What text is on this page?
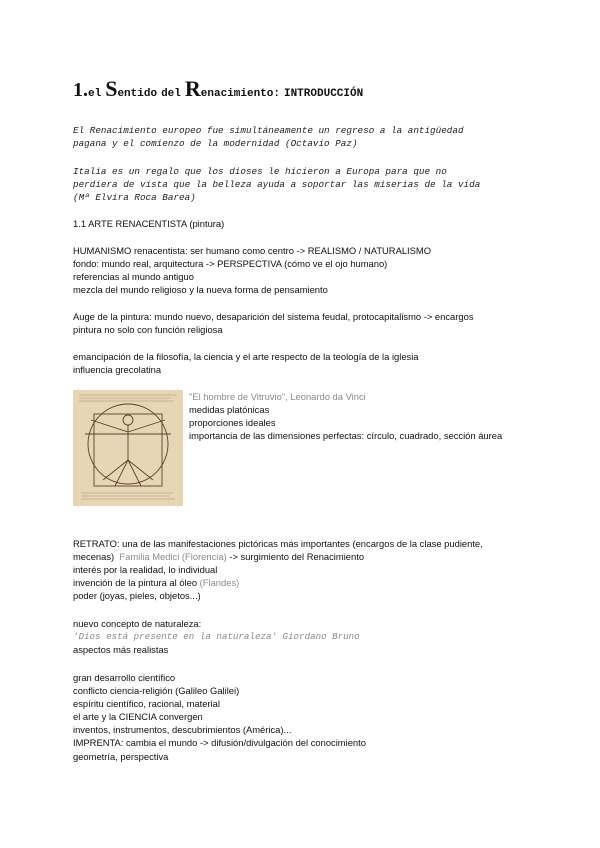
1.el Sentido del Renacimiento: INTRODUCCIÓN
El Renacimiento europeo fue simultáneamente un regreso a la antigüedad
pagana y el comienzo de la modernidad (Octavio Paz)
Italia es un regalo que los dioses le hicieron a Europa para que no
perdiera de vista que la belleza ayuda a soportar las miserias de la vida
(Mª Elvira Roca Barea)
1.1 ARTE RENACENTISTA (pintura)
HUMANISMO renacentista: ser humano como centro -> REALISMO / NATURALISMO
fondo: mundo real, arquitectura -> PERSPECTIVA (cómo ve el ojo humano)
referencias al mundo antiguo
mezcla del mundo religioso y la nueva forma de pensamiento
Auge de la pintura: mundo nuevo, desaparición del sistema feudal, protocapitalismo -> encargos
pintura no solo con función religiosa
emancipación de la filosofía, la ciencia y el arte respecto de la teología de la iglesia
influencia grecolatina
"El hombre de Vitruvio", Leonardo da Vinci
medidas platónicas
proporciones ideales
importancia de las dimensiones perfectas: círculo, cuadrado, sección áurea
RETRATO: una de las manifestaciones pictóricas más importantes (encargos de la clase pudiente,
mecenas) Familia Medici (Florencia) -> surgimiento del Renacimiento
interés por la realidad, lo individual
invención de la pintura al óleo (Flandes)
poder (joyas, pieles, objetos...)
nuevo concepto de naturaleza:
'Dios está presente en la naturaleza' Giordano Bruno
aspectos más realistas
gran desarrollo científico
conflicto ciencia-religión (Galileo Galilei)
espíritu científico, racional, material
el arte y la CIENCIA convergen
inventos, instrumentos, descubrimientos (América)...
IMPRENTA: cambia el mundo -> difusión/divulgación del conocimiento
geometría, perspectiva
